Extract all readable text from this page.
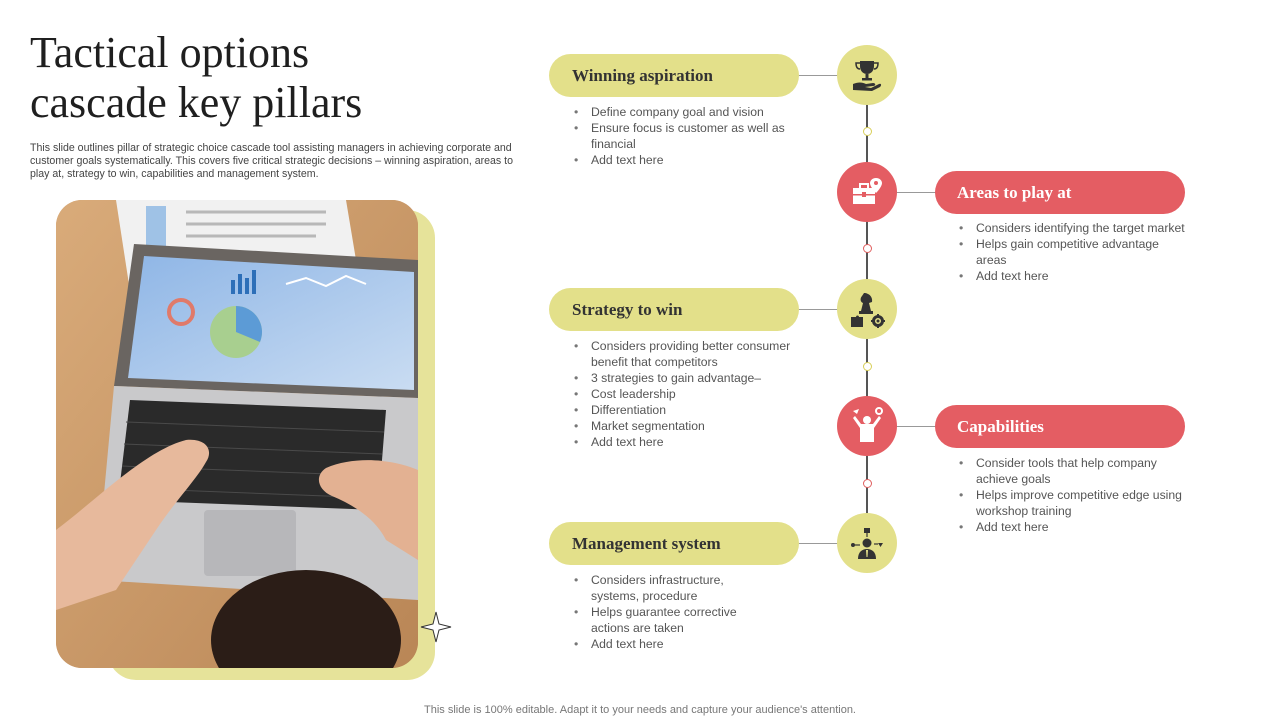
Tactical options cascade key pillars
This slide outlines pillar of strategic choice cascade tool assisting managers in achieving corporate and customer goals systematically. This covers five critical strategic decisions – winning aspiration, areas to play at, strategy to win, capabilities and management system.
Winning aspiration
Areas to play at
Strategy to win
Capabilities
Management system
• Define company goal and vision
• Ensure focus is customer as well as financial
• Add text here
• Considers identifying the target market
• Helps gain competitive advantage areas
• Add text here
• Considers providing better consumer benefit that competitors
• 3 strategies to gain advantage–
• Cost leadership
• Differentiation
• Market segmentation
• Add text here
• Consider tools that help company achieve goals
• Helps improve competitive edge using workshop training
• Add text here
• Considers infrastructure, systems, procedure
• Helps guarantee corrective actions are taken
• Add text here
This slide is 100% editable. Adapt it to your needs and capture your audience's attention.
